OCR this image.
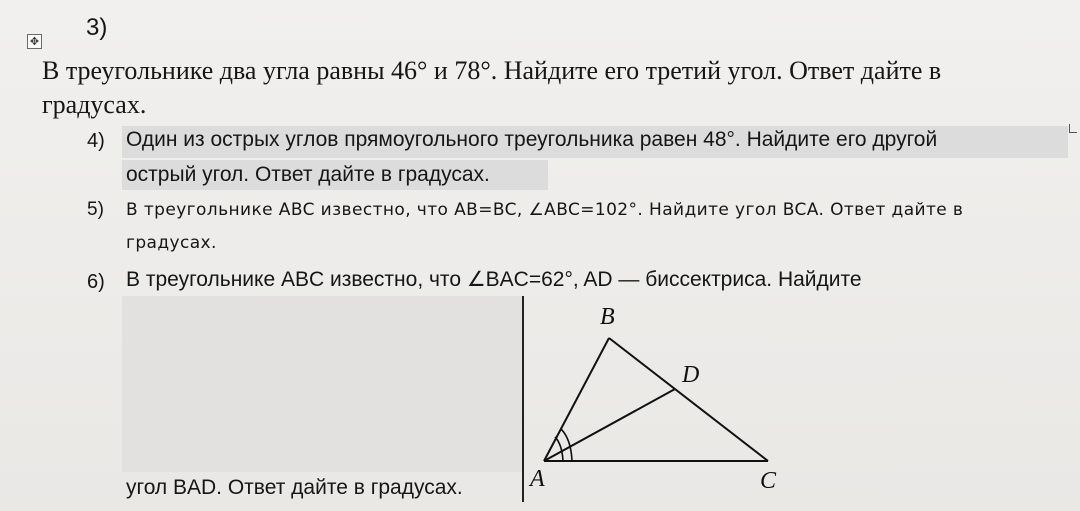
✥
3)
В треугольнике два угла равны 46° и 78°. Найдите его третий угол. Ответ дайте в
градусах.
4) Один из острых углов прямоугольного треугольника равен 48°. Найдите его другой
острый угол. Ответ дайте в градусах.
5) В треугольнике ABC известно, что AB=BC, ∠ABC=102°. Найдите угол BCA. Ответ дайте в
градусах.
6) В треугольнике ABC известно, что ∠BAC=62°, AD — биссектриса. Найдите
угол BAD. Ответ дайте в градусах.
B
D
A	C
